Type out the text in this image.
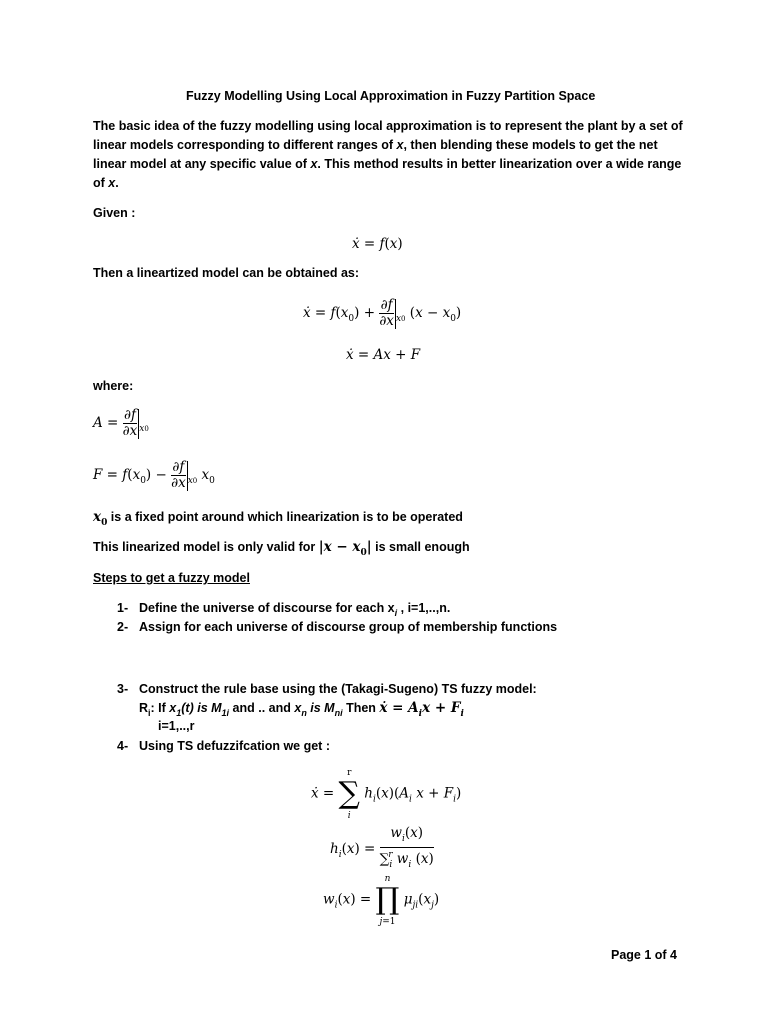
Fuzzy Modelling Using Local Approximation in Fuzzy Partition Space
The basic idea of the fuzzy modelling using local approximation is to represent the plant by a set of
linear models corresponding to different ranges of x, then blending these models to get the net
linear model at any specific value of x. This method results in better linearization over a wide range
of x.
Given :
ẋ = f(x)
Then a lineartized model can be obtained as:
ẋ = $f(x_0) + \frac{\partial f}{\partial x} _{x0}$ $(x - x_0)$
ẋ = Ax + F
where:
$A = \frac{\partial f}{\partial x} _{x0}$
$F = f(x_0) - \frac{\partial f}{\partial x} _{x0}$ $x_0$
$x_0$ is a fixed point around which linearization is to be operated
This linearized model is only valid for $|x - x_0|$ is small enough
Steps to get a fuzzy model
1- Define the universe of discourse for each $x_i$ , i=1,..,n.
2- Assign for each universe of discourse group of membership functions
3- Construct the rule base using the (Takagi-Sugeno) TS fuzzy model:
$R_i$: If $x_1(t)$ is $M_{1i}$ and .. and $x_n$ is $M_{ni}$ Then ẋ = $A_ix + F_i$
i=1,..,r
4- Using TS defuzzifcation we get :
ẋ = r
∑
i $h_i(x)(A_i$ $x + F_i$)
$h_i(x) = \frac{w_i(x)}{\sum_i^r w_i (x)}$
$w_i(x) = n$
∏
j=1 $\mu_{ji}(x_j)$
Page 1 of 4
